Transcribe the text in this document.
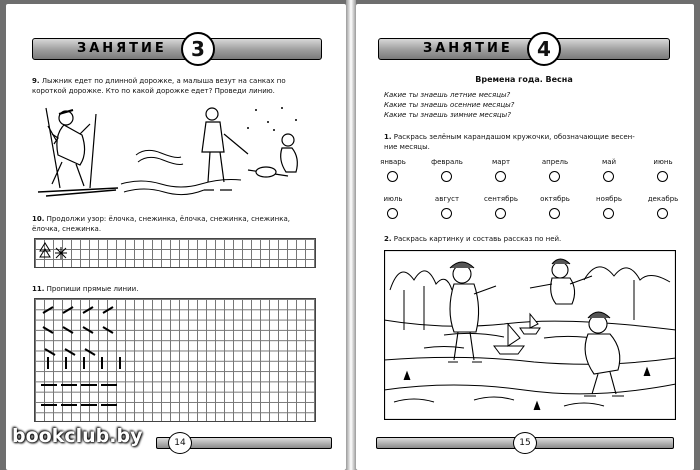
ЗАНЯТИЕ	3
9. Лыжник едет по длинной дорожке, а малыша везут на санках по
короткой дорожке. Кто по какой дорожке едет? Проведи линию.
10. Продолжи узор: ёлочка, снежинка, ёлочка, снежинка, снежинка,
ёлочка, снежинка.
11. Пропиши прямые линии.
14
ЗАНЯТИЕ	4
Времена года. Весна
Какие ты знаешь летние месяцы?
Какие ты знаешь осенние месяцы?
Какие ты знаешь зимние месяцы?
1. Раскрась зелёным карандашом кружочки, обозначающие весен-
ние месяцы.
январь	февраль	март	апрель	май	июнь
июль	август	сентябрь	октябрь	ноябрь	декабрь
2. Раскрась картинку и составь рассказ по ней.
15
bookclub.by
